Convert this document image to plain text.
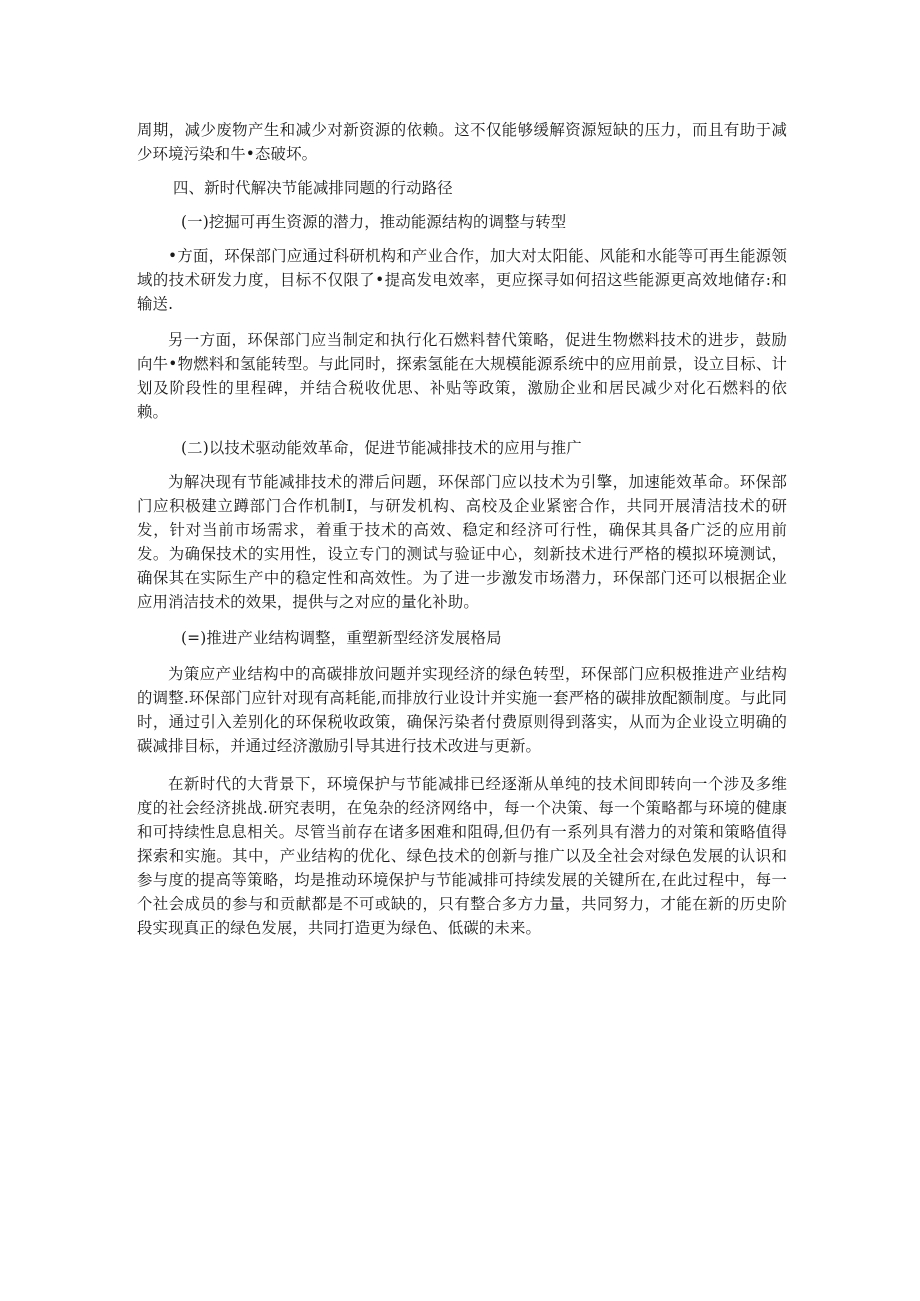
周期，减少废物产生和减少对新资源的依赖。这不仅能够缓解资源短缺的压力，而且有助于减少环境污染和牛•态破坏。

四、新时代解决节能减排同题的行动路径

(一)挖掘可再生资源的潜力，推动能源结构的调整与转型

•方面，环保部门应通过科研机构和产业合作，加大对太阳能、风能和水能等可再生能源领域的技术研发力度，目标不仅限了•提高发电效率，更应探寻如何招这些能源更高效地储存:和输送.

另一方面，环保部门应当制定和执行化石燃料替代策略，促进生物燃料技术的进步，鼓励向牛•物燃料和氢能转型。与此同时，探索氢能在大规模能源系统中的应用前景，设立目标、计划及阶段性的里程碑，并结合税收优思、补贴等政策，激励企业和居民减少对化石燃料的依赖。

(二)以技术驱动能效革命，促进节能减排技术的应用与推广

为解决现有节能减排技术的滞后问题，环保部门应以技术为引擎，加速能效革命。环保部门应积极建立蹲部门合作机制I，与研发机构、高校及企业紧密合作，共同开展清洁技术的研发，针对当前市场需求，着重于技术的高效、稳定和经济可行性，确保其具备广泛的应用前发。为确保技术的实用性，设立专门的测试与验证中心，刻新技术进行严格的模拟环境测试，确保其在实际生产中的稳定性和高效性。为了进一步激发市场潜力，环保部门还可以根据企业应用消洁技术的效果，提供与之对应的量化补助。

(=)推进产业结构调整，重塑新型经济发展格局

为策应产业结构中的高碳排放问题并实现经济的绿色转型，环保部门应积极推进产业结构的调整.环保部门应针对现有高耗能,而排放行业设计并实施一套严格的碳排放配额制度。与此同时，通过引入差别化的环保税收政策，确保污染者付费原则得到落实，从而为企业设立明确的碳减排目标，并通过经济激励引导其进行技术改进与更新。

在新时代的大背景下，环境保护与节能减排已经逐渐从单纯的技术间即转向一个涉及多维度的社会经济挑战.研究表明，在兔杂的经济网络中，每一个决策、每一个策略都与环境的健康和可持续性息息相关。尽管当前存在诸多困难和阻碍,但仍有一系列具有潜力的对策和策略值得探索和实施。其中，产业结构的优化、绿色技术的创新与推广以及全社会对绿色发展的认识和参与度的提高等策略，均是推动环境保护与节能减排可持续发展的关键所在,在此过程中，每一个社会成员的参与和贡献都是不可或缺的，只有整合多方力量，共同努力，才能在新的历史阶段实现真正的绿色发展，共同打造更为绿色、低碳的未来。
